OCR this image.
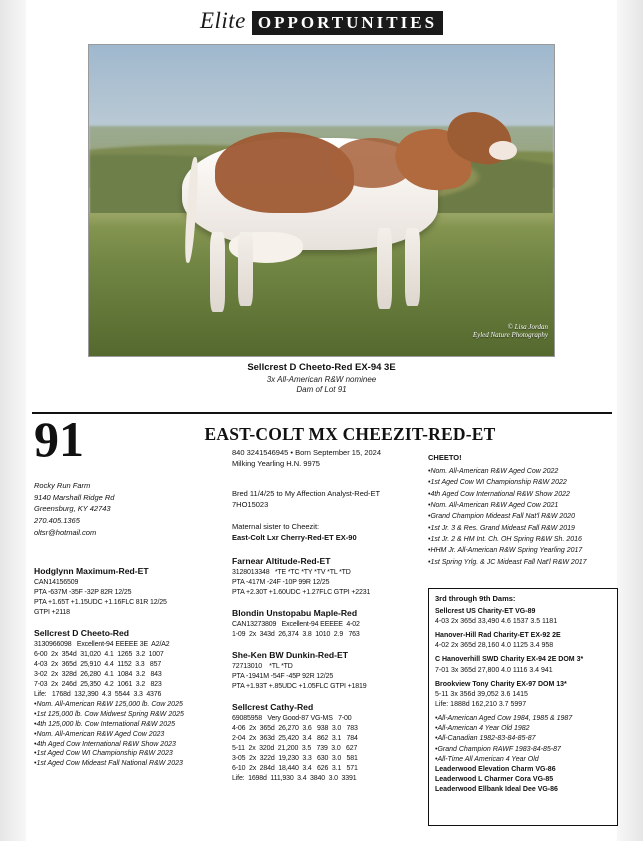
Elite OPPORTUNITIES
© Lisa Jordan
Eyled Nature Photography
Sellcrest D Cheeto-Red EX-94 3E
3x All-American R&W nominee
Dam of Lot 91
91	EAST-COLT MX CHEEZIT-RED-ET
840 3241546945 • Born September 15, 2024
Milking Yearling H.N. 9975
Rocky Run Farm
9140 Marshall Ridge Rd
Greensburg, KY 42743
270.405.1365
oltsr@hotmail.com
Bred 11/4/25 to My Affection Analyst-Red-ET
7HO15023
Maternal sister to Cheezit:
East-Colt Lxr Cherry-Red-ET EX-90
CHEETO!
•Nom. All-American R&W Aged Cow 2022
•1st Aged Cow WI Championship R&W 2022
•4th Aged Cow International R&W Show 2022
•Nom. All-American R&W Aged Cow 2021
•Grand Champion Mideast Fall Nat'l R&W 2020
•1st Jr. 3 & Res. Grand Mideast Fall R&W 2019
•1st Jr. 2 & HM Int. Ch. OH Spring R&W Sh. 2016
•HHM Jr. All-American R&W Spring Yearling 2017
•1st Spring Yrlg. & JC Mideast Fall Nat'l R&W 2017
Hodglynn Maximum-Red-ET
CAN14156509
PTA -637M -35F -32P 82R 12/25
PTA +1.65T +1.15UDC +1.16FLC 81R 12/25
GTPI +2118
Sellcrest D Cheeto-Red
3130966098   Excellent-94 EEEEE 3E  A2/A2
6-00  2x  354d  31,020  4.1  1265  3.2  1007
4-03  2x  365d  25,910  4.4  1152  3.3   857
3-02  2x  328d  26,280  4.1  1084  3.2   843
7-03  2x  246d  25,350  4.2  1061  3.2   823
Life:   1768d  132,390  4.3  5544  3.3  4376
•Nom. All-American R&W 125,000 lb. Cow 2025
•1st 125,000 lb. Cow Midwest Spring R&W 2025
•4th 125,000 lb. Cow International R&W 2025
•Nom. All-American R&W Aged Cow 2023
•4th Aged Cow International R&W Show 2023
•1st Aged Cow WI Championship R&W 2023
•1st Aged Cow Mideast Fall National R&W 2023
Farnear Altitude-Red-ET
3128013348   *TE *TC *TY *TV *TL *TD
PTA -417M -24F -10P 99R 12/25
PTA +2.30T +1.60UDC +1.27FLC GTPI +2231
Blondin Unstopabu Maple-Red
CAN13273809   Excellent-94 EEEEE  4-02
1-09  2x  343d  26,374  3.8  1010  2.9   763
She-Ken BW Dunkin-Red-ET
72713010    *TL *TD
PTA -1941M -54F -45P 92R 12/25
PTA +1.93T +.85UDC +1.05FLC GTPI +1819
Sellcrest Cathy-Red
69085958   Very Good-87 VG-MS   7-00
4-06  2x  365d  26,270  3.6   938  3.0   783
2-04  2x  363d  25,420  3.4   862  3.1   784
5-11  2x  320d  21,200  3.5   739  3.0   627
3-05  2x  322d  19,230  3.3   630  3.0   581
6-10  2x  284d  18,440  3.4   626  3.1   571
Life:  1698d  111,930  3.4  3840  3.0  3391
3rd through 9th Dams:
Sellcrest US Charity-ET VG-89
4-03 2x 365d 33,490 4.6 1537 3.5 1181
Hanover-Hill Rad Charity-ET EX-92 2E
4-02 2x 365d 28,160 4.0 1125 3.4 958
C Hanoverhill SWD Charity EX-94 2E DOM 3*
7-01 3x 365d 27,800 4.0 1116 3.4 941
Brookview Tony Charity EX-97 DOM 13*
5-11 3x 356d 39,052 3.6 1415
Life: 1888d 162,210 3.7 5997
•All-American Aged Cow 1984, 1985 & 1987
•All-American 4 Year Old 1982
•All-Canadian 1982-83-84-85-87
•Grand Champion RAWF 1983-84-85-87
•All-Time All American 4 Year Old
Leaderwood Elevation Charm VG-86
Leaderwood L Charmer Cora VG-85
Leaderwood Ellbank Ideal Dee VG-86
